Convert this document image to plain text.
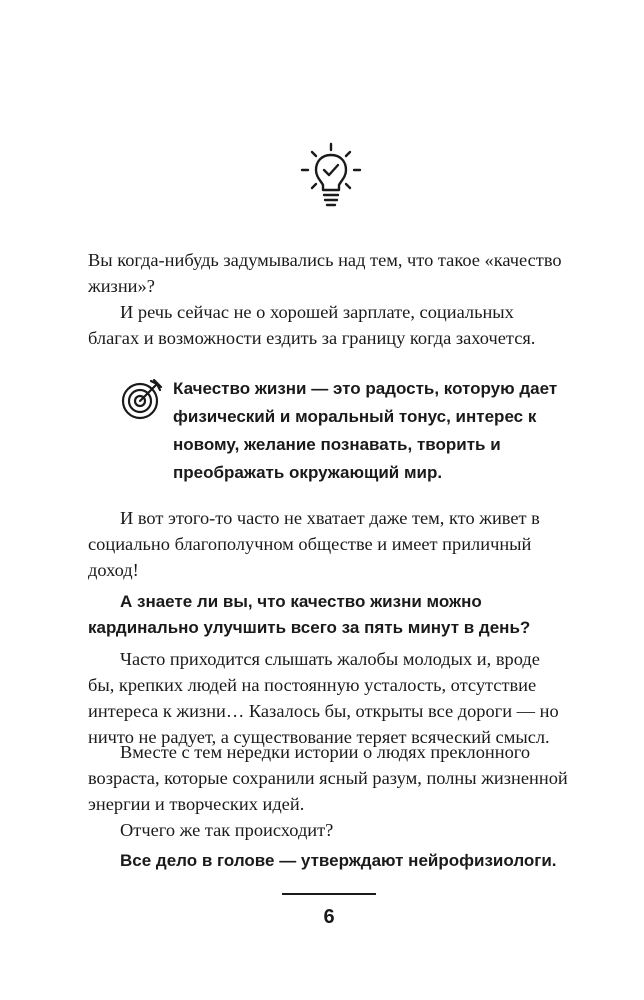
Вы когда-нибудь задумывались над тем, что такое «качество жизни»?

И речь сейчас не о хорошей зарплате, социальных благах и возможности ездить за границу когда захочется.

Качество жизни — это радость, которую дает физический и моральный тонус, интерес к новому, желание познавать, творить и преображать окружающий мир.

И вот этого-то часто не хватает даже тем, кто живет в социально благополучном обществе и имеет приличный доход!

А знаете ли вы, что качество жизни можно кардинально улучшить всего за пять минут в день?

Часто приходится слышать жалобы молодых и, вроде бы, крепких людей на постоянную усталость, отсутствие интереса к жизни… Казалось бы, открыты все дороги — но ничто не радует, а существование теряет всяческий смысл.

Вместе с тем нередки истории о людях преклонного возраста, которые сохранили ясный разум, полны жизненной энергии и творческих идей.

Отчего же так происходит?

Все дело в голове — утверждают нейрофизиологи.

6
